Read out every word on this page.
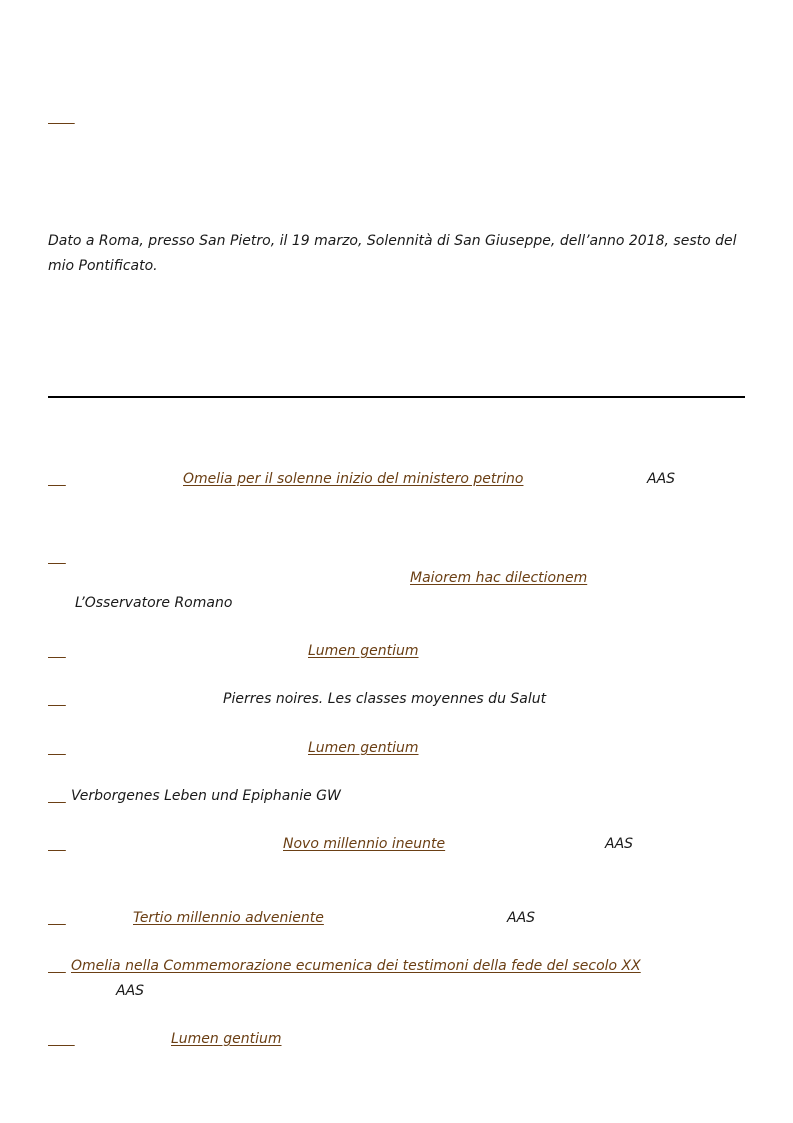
Dato a Roma, presso San Pietro, il 19 marzo, Solennità di San Giuseppe, dell’anno 2018, sesto del mio Pontificato.

Omelia per il solenne inizio del ministero petrino	AAS

Maiorem hac dilectionem
L’Osservatore Romano

Lumen gentium

Pierres noires. Les classes moyennes du Salut

Lumen gentium

Verborgenes Leben und Epiphanie GW

Novo millennio ineunte	AAS

Tertio millennio adveniente	AAS

Omelia nella Commemorazione ecumenica dei testimoni della fede del secolo XX
AAS

Lumen gentium
